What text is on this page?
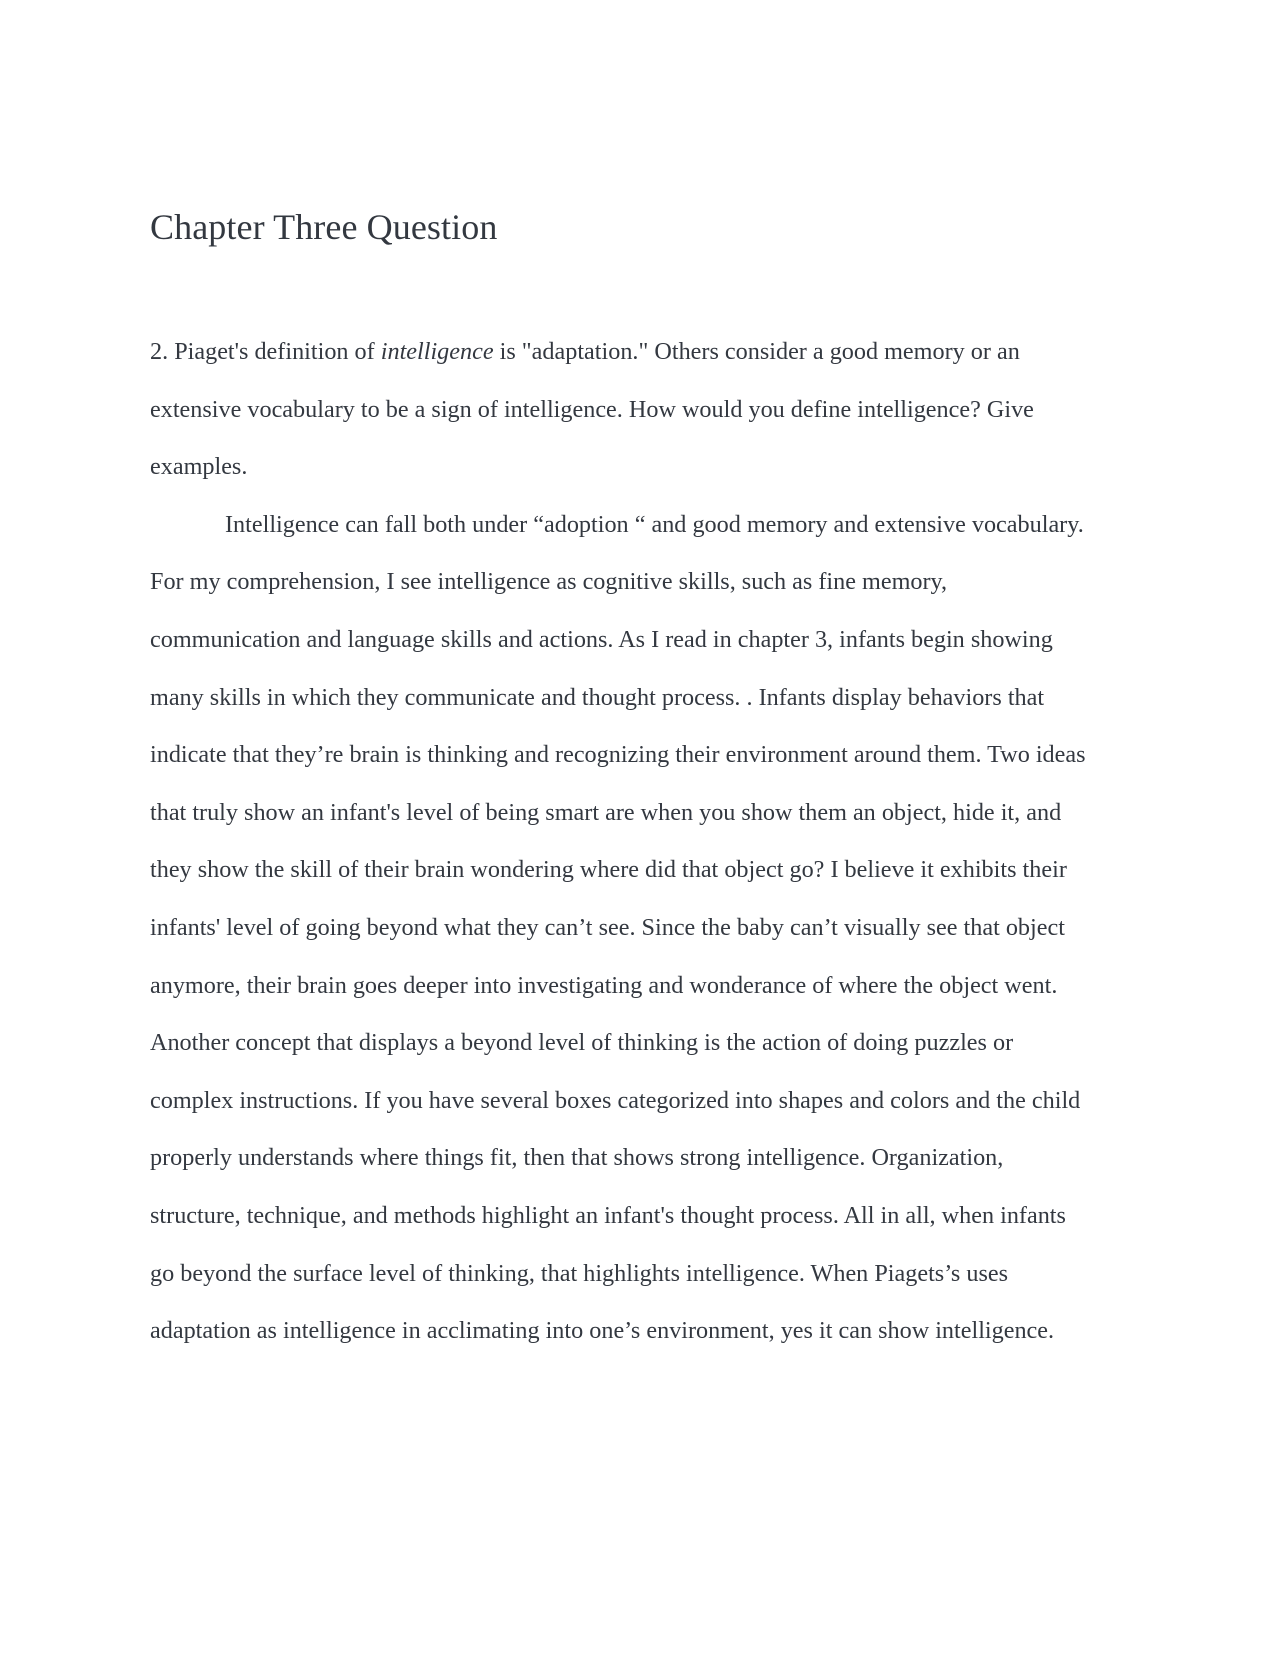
Chapter Three Question
2. Piaget's definition of intelligence is "adaptation." Others consider a good memory or an
extensive vocabulary to be a sign of intelligence. How would you define intelligence? Give
examples.
Intelligence can fall both under “adoption “ and good memory and extensive vocabulary.
For my comprehension, I see intelligence as cognitive skills, such as fine memory,
communication and language skills and actions. As I read in chapter 3, infants begin showing
many skills in which they communicate and thought process. . Infants display behaviors that
indicate that they’re brain is thinking and recognizing their environment around them. Two ideas
that truly show an infant's level of being smart are when you show them an object, hide it, and
they show the skill of their brain wondering where did that object go? I believe it exhibits their
infants' level of going beyond what they can’t see. Since the baby can’t visually see that object
anymore, their brain goes deeper into investigating and wonderance of where the object went.
Another concept that displays a beyond level of thinking is the action of doing puzzles or
complex instructions. If you have several boxes categorized into shapes and colors and the child
properly understands where things fit, then that shows strong intelligence. Organization,
structure, technique, and methods highlight an infant's thought process. All in all, when infants
go beyond the surface level of thinking, that highlights intelligence. When Piagets’s uses
adaptation as intelligence in acclimating into one’s environment, yes it can show intelligence.
